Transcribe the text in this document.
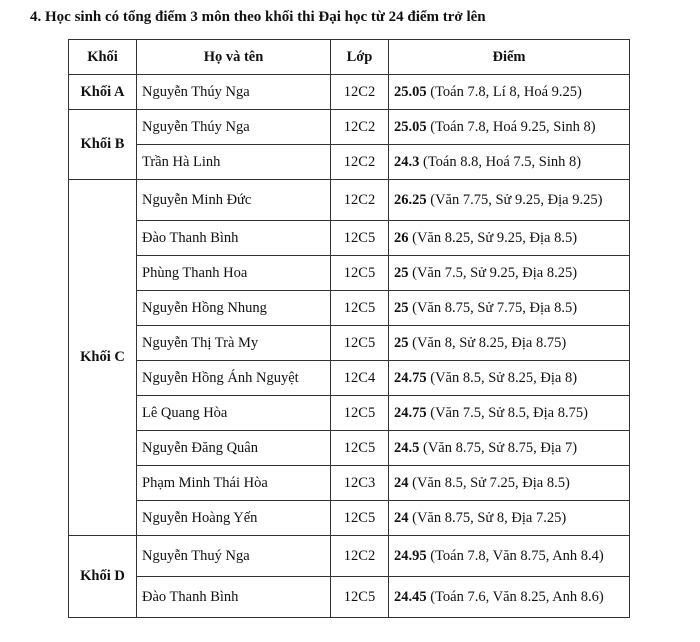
4. Học sinh có tổng điểm 3 môn theo khối thi Đại học từ 24 điểm trở lên
Khối	Họ và tên	Lớp	Điểm
Khối A	Nguyễn Thúy Nga	12C2	25.05 (Toán 7.8, Lí 8, Hoá 9.25)
Khối B	Nguyễn Thúy Nga	12C2	25.05 (Toán 7.8, Hoá 9.25, Sinh 8)
	Trần Hà Linh	12C2	24.3 (Toán 8.8, Hoá 7.5, Sinh 8)
Khối C	Nguyễn Minh Đức	12C2	26.25 (Văn 7.75, Sử 9.25, Địa 9.25)
	Đào Thanh Bình	12C5	26 (Văn 8.25, Sử 9.25, Địa 8.5)
	Phùng Thanh Hoa	12C5	25 (Văn 7.5, Sử 9.25, Địa 8.25)
	Nguyễn Hồng Nhung	12C5	25 (Văn 8.75, Sử 7.75, Địa 8.5)
	Nguyễn Thị Trà My	12C5	25 (Văn 8, Sử 8.25, Địa 8.75)
	Nguyễn Hồng Ánh Nguyệt	12C4	24.75 (Văn 8.5, Sử 8.25, Địa 8)
	Lê Quang Hòa	12C5	24.75 (Văn 7.5, Sử 8.5, Địa 8.75)
	Nguyễn Đăng Quân	12C5	24.5 (Văn 8.75, Sử 8.75, Địa 7)
	Phạm Minh Thái Hòa	12C3	24 (Văn 8.5, Sử 7.25, Địa 8.5)
	Nguyễn Hoàng Yến	12C5	24 (Văn 8.75, Sử 8, Địa 7.25)
Khối D	Nguyễn Thuý Nga	12C2	24.95 (Toán 7.8, Văn 8.75, Anh 8.4)
	Đào Thanh Bình	12C5	24.45 (Toán 7.6, Văn 8.25, Anh 8.6)
